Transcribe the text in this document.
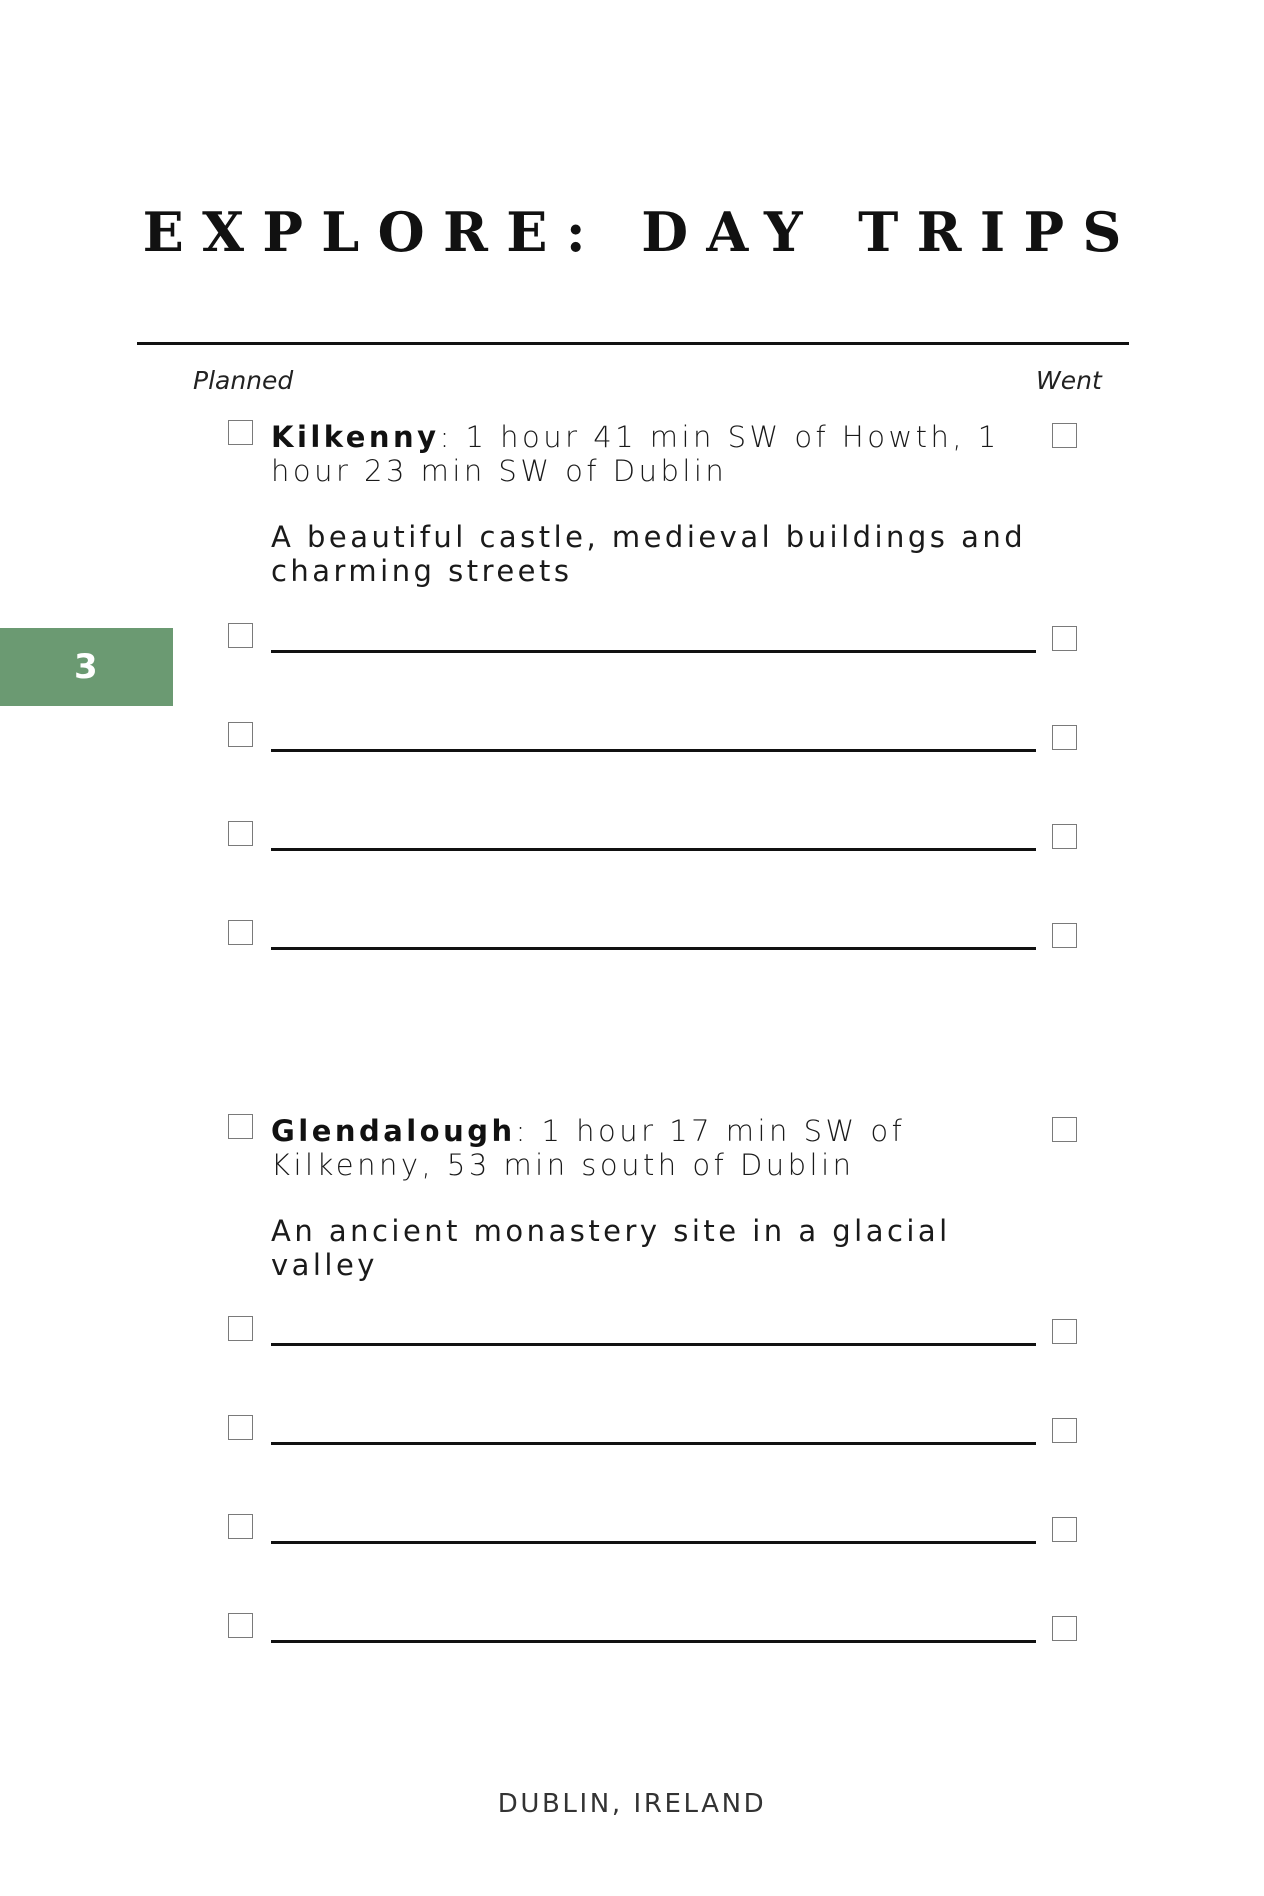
EXPLORE: DAY TRIPS
Planned	Went
Kilkenny: 1 hour 41 min SW of Howth, 1 hour 23 min SW of Dublin
A beautiful castle, medieval buildings and charming streets
Glendalough: 1 hour 17 min SW of Kilkenny, 53 min south of Dublin
An ancient monastery site in a glacial valley
3
DUBLIN, IRELAND
